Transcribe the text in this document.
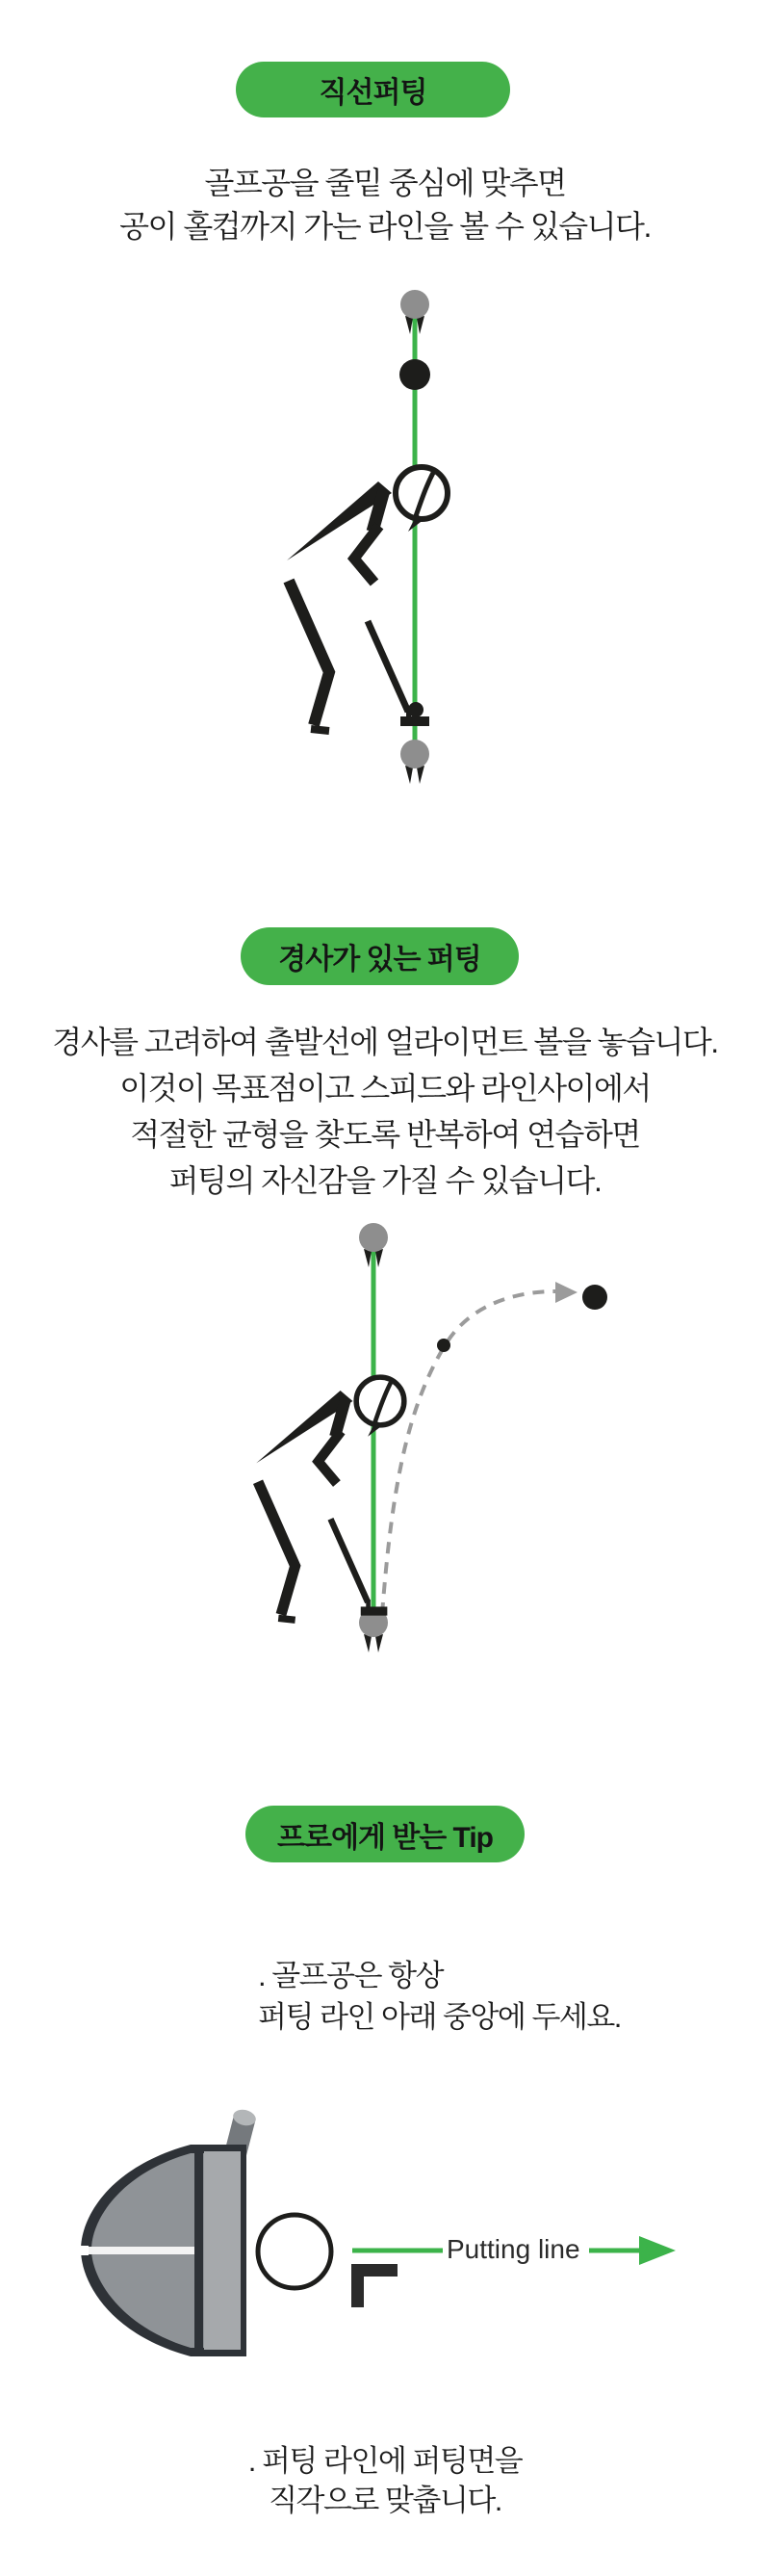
직선퍼팅
골프공을 줄밑 중심에 맞추면
공이 홀컵까지 가는 라인을 볼 수 있습니다.
경사가 있는 퍼팅
경사를 고려하여 출발선에 얼라이먼트 볼을 놓습니다.
이것이 목표점이고 스피드와 라인사이에서
적절한 균형을 찾도록 반복하여 연습하면
퍼팅의 자신감을 가질 수 있습니다.
프로에게 받는 Tip
. 골프공은 항상
퍼팅 라인 아래 중앙에 두세요.
Putting line
. 퍼팅 라인에 퍼팅면을
직각으로 맞춥니다.
